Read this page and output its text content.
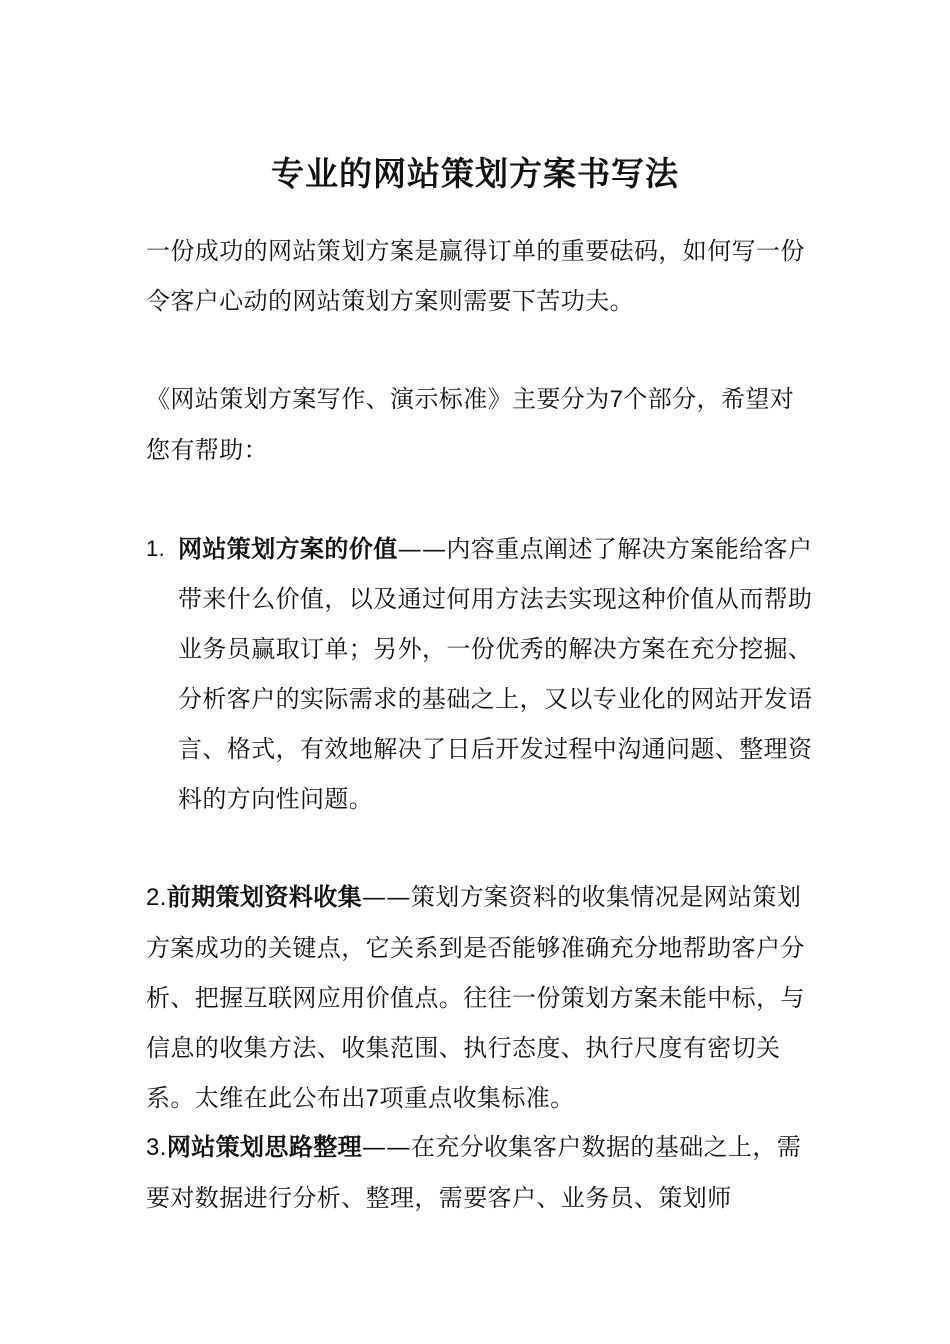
专业的网站策划方案书写法

一份成功的网站策划方案是赢得订单的重要砝码，如何写一份令客户心动的网站策划方案则需要下苦功夫。

《网站策划方案写作、演示标准》主要分为7个部分，希望对您有帮助：

1. 网站策划方案的价值——内容重点阐述了解决方案能给客户带来什么价值，以及通过何用方法去实现这种价值从而帮助业务员赢取订单；另外，一份优秀的解决方案在充分挖掘、分析客户的实际需求的基础之上，又以专业化的网站开发语言、格式，有效地解决了日后开发过程中沟通问题、整理资料的方向性问题。

2.前期策划资料收集——策划方案资料的收集情况是网站策划方案成功的关键点，它关系到是否能够准确充分地帮助客户分析、把握互联网应用价值点。往往一份策划方案未能中标，与信息的收集方法、收集范围、执行态度、执行尺度有密切关系。太维在此公布出7项重点收集标准。

3.网站策划思路整理——在充分收集客户数据的基础之上，需要对数据进行分析、整理，需要客户、业务员、策划师
